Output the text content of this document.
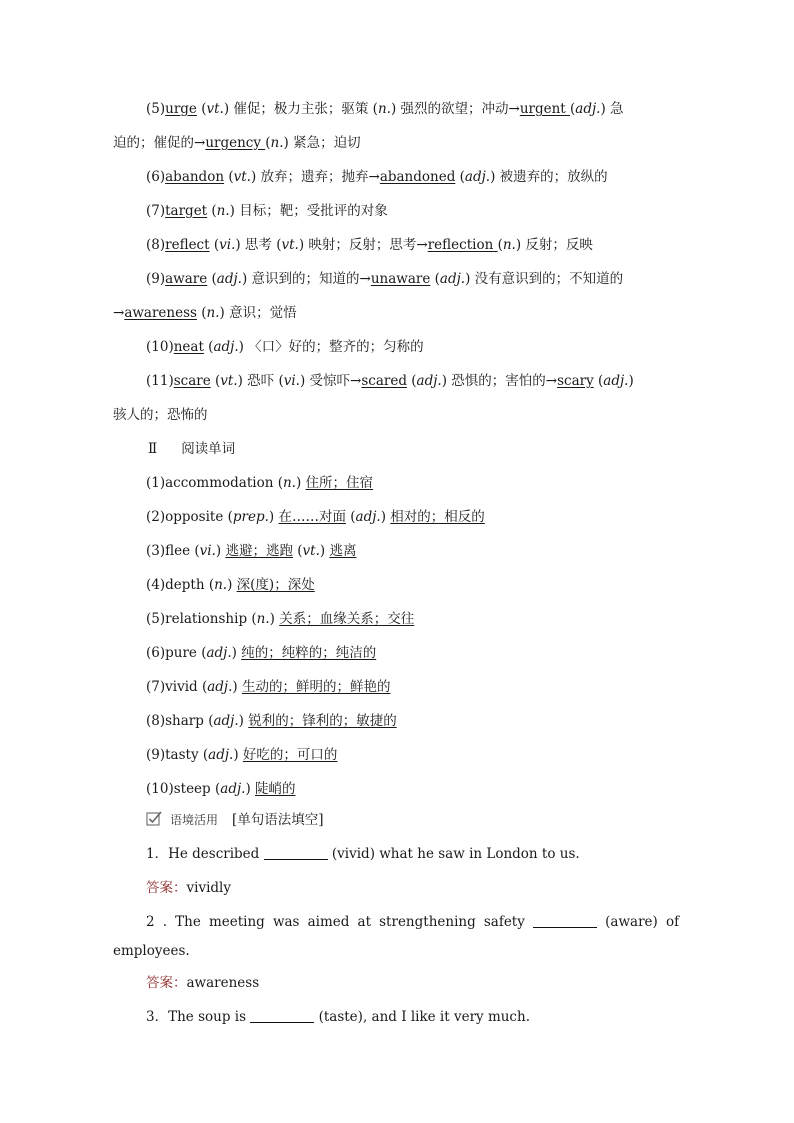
(5)urge (vt.) 催促；极力主张；驱策 (n.) 强烈的欲望；冲动→urgent (adj.) 急
迫的；催促的→urgency (n.) 紧急；迫切
(6)abandon (vt.) 放弃；遗弃；抛弃→abandoned (adj.) 被遗弃的；放纵的
(7)target (n.) 目标；靶；受批评的对象
(8)reflect (vi.) 思考 (vt.) 映射；反射；思考→reflection (n.) 反射；反映
(9)aware (adj.) 意识到的；知道的→unaware (adj.) 没有意识到的；不知道的
→awareness (n.) 意识；觉悟
(10)neat (adj.) 〈口〉好的；整齐的；匀称的
(11)scare (vt.) 恐吓 (vi.) 受惊吓→scared (adj.) 恐惧的；害怕的→scary (adj.)
骇人的；恐怖的
Ⅱ 阅读单词
(1)accommodation (n.) 住所；住宿
(2)opposite (prep.) 在……对面 (adj.) 相对的；相反的
(3)flee (vi.) 逃避；逃跑 (vt.) 逃离
(4)depth (n.) 深(度)；深处
(5)relationship (n.) 关系；血缘关系；交往
(6)pure (adj.) 纯的；纯粹的；纯洁的
(7)vivid (adj.) 生动的；鲜明的；鲜艳的
(8)sharp (adj.) 锐利的；锋利的；敏捷的
(9)tasty (adj.) 好吃的；可口的
(10)steep (adj.) 陡峭的
语境活用 [单句语法填空]
1．He described	(vivid) what he saw in London to us.
答案：vividly
2 . The meeting was aimed at strengthening safety	(aware) of
employees.
答案：awareness
3．The soup is	(taste), and I like it very much.
